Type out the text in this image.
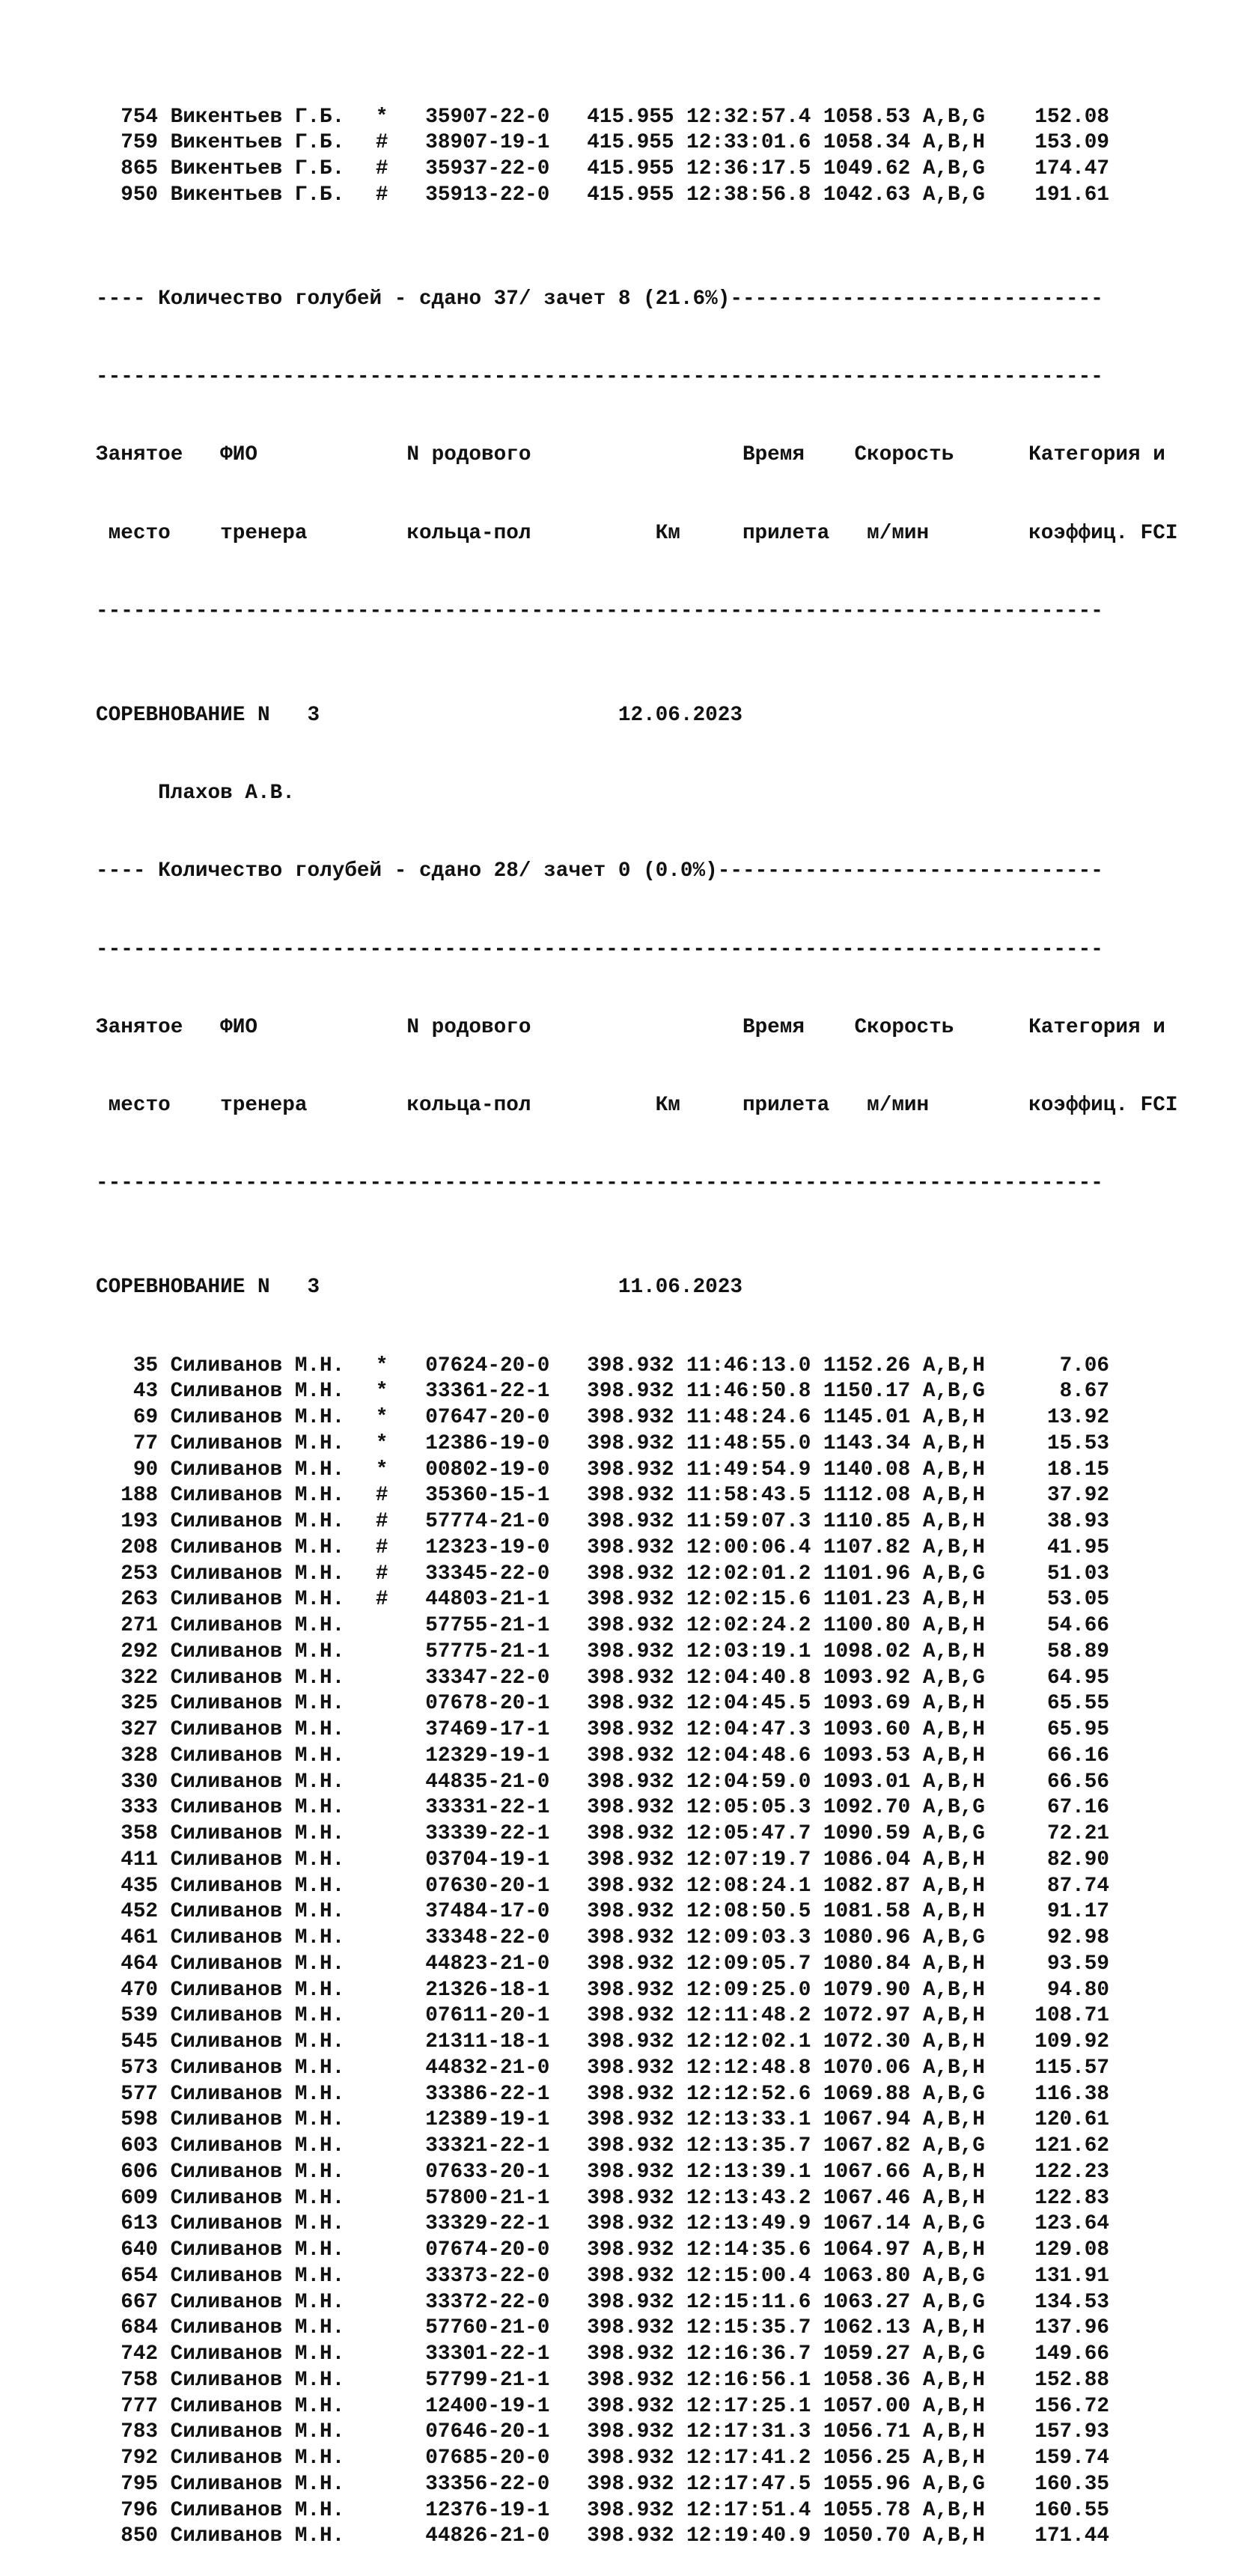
754 Викентьев Г.Б. * 35907-22-0 415.955 12:32:57.4 1058.53 A,B,G 152.08
759 Викентьев Г.Б. # 38907-19-1 415.955 12:33:01.6 1058.34 A,B,H 153.09
865 Викентьев Г.Б. # 35937-22-0 415.955 12:36:17.5 1049.62 A,B,G 174.47
950 Викентьев Г.Б. # 35913-22-0 415.955 12:38:56.8 1042.63 A,B,G 191.61

---- Количество голубей - сдано 37/ зачет 8 (21.6%)------------------------------

---------------------------------------------------------------------------------

Занятое ФИО	N родового	Время Скорость	Категория и

место тренера	кольца-пол	Км	прилета м/мин	коэффиц. FCI

---------------------------------------------------------------------------------

СОРЕВНОВАНИЕ N   3	12.06.2023

Плахов А.В.

---- Количество голубей - сдано 28/ зачет 0 (0.0%)-------------------------------

---------------------------------------------------------------------------------

Занятое ФИО	N родового	Время Скорость	Категория и

место тренера	кольца-пол	Км	прилета м/мин	коэффиц. FCI

---------------------------------------------------------------------------------

СОРЕВНОВАНИЕ N   3	11.06.2023

35 Силиванов М.Н. * 07624-20-0 398.932 11:46:13.0 1152.26 A,B,H	7.06
43 Силиванов М.Н. * 33361-22-1 398.932 11:46:50.8 1150.17 A,B,G	8.67
69 Силиванов М.Н. * 07647-20-0 398.932 11:48:24.6 1145.01 A,B,H	13.92
77 Силиванов М.Н. * 12386-19-0 398.932 11:48:55.0 1143.34 A,B,H	15.53
90 Силиванов М.Н. * 00802-19-0 398.932 11:49:54.9 1140.08 A,B,H	18.15
188 Силиванов М.Н. # 35360-15-1 398.932 11:58:43.5 1112.08 A,B,H	37.92
193 Силиванов М.Н. # 57774-21-0 398.932 11:59:07.3 1110.85 A,B,H	38.93
208 Силиванов М.Н. # 12323-19-0 398.932 12:00:06.4 1107.82 A,B,H	41.95
253 Силиванов М.Н. # 33345-22-0 398.932 12:02:01.2 1101.96 A,B,G	51.03
263 Силиванов М.Н. # 44803-21-1 398.932 12:02:15.6 1101.23 A,B,H	53.05
271 Силиванов М.Н.	57755-21-1 398.932 12:02:24.2 1100.80 A,B,H	54.66
292 Силиванов М.Н.	57775-21-1 398.932 12:03:19.1 1098.02 A,B,H	58.89
322 Силиванов М.Н.	33347-22-0 398.932 12:04:40.8 1093.92 A,B,G	64.95
325 Силиванов М.Н.	07678-20-1 398.932 12:04:45.5 1093.69 A,B,H	65.55
327 Силиванов М.Н.	37469-17-1 398.932 12:04:47.3 1093.60 A,B,H	65.95
328 Силиванов М.Н.	12329-19-1 398.932 12:04:48.6 1093.53 A,B,H	66.16
330 Силиванов М.Н.	44835-21-0 398.932 12:04:59.0 1093.01 A,B,H	66.56
333 Силиванов М.Н.	33331-22-1 398.932 12:05:05.3 1092.70 A,B,G	67.16
358 Силиванов М.Н.	33339-22-1 398.932 12:05:47.7 1090.59 A,B,G	72.21
411 Силиванов М.Н.	03704-19-1 398.932 12:07:19.7 1086.04 A,B,H	82.90
435 Силиванов М.Н.	07630-20-1 398.932 12:08:24.1 1082.87 A,B,H	87.74
452 Силиванов М.Н.	37484-17-0 398.932 12:08:50.5 1081.58 A,B,H	91.17
461 Силиванов М.Н.	33348-22-0 398.932 12:09:03.3 1080.96 A,B,G	92.98
464 Силиванов М.Н.	44823-21-0 398.932 12:09:05.7 1080.84 A,B,H	93.59
470 Силиванов М.Н.	21326-18-1 398.932 12:09:25.0 1079.90 A,B,H	94.80
539 Силиванов М.Н.	07611-20-1 398.932 12:11:48.2 1072.97 A,B,H 108.71
545 Силиванов М.Н.	21311-18-1 398.932 12:12:02.1 1072.30 A,B,H 109.92
573 Силиванов М.Н.	44832-21-0 398.932 12:12:48.8 1070.06 A,B,H 115.57
577 Силиванов М.Н.	33386-22-1 398.932 12:12:52.6 1069.88 A,B,G 116.38
598 Силиванов М.Н.	12389-19-1 398.932 12:13:33.1 1067.94 A,B,H 120.61
603 Силиванов М.Н.	33321-22-1 398.932 12:13:35.7 1067.82 A,B,G 121.62
606 Силиванов М.Н.	07633-20-1 398.932 12:13:39.1 1067.66 A,B,H 122.23
609 Силиванов М.Н.	57800-21-1 398.932 12:13:43.2 1067.46 A,B,H 122.83
613 Силиванов М.Н.	33329-22-1 398.932 12:13:49.9 1067.14 A,B,G 123.64
640 Силиванов М.Н.	07674-20-0 398.932 12:14:35.6 1064.97 A,B,H 129.08
654 Силиванов М.Н.	33373-22-0 398.932 12:15:00.4 1063.80 A,B,G 131.91
667 Силиванов М.Н.	33372-22-0 398.932 12:15:11.6 1063.27 A,B,G 134.53
684 Силиванов М.Н.	57760-21-0 398.932 12:15:35.7 1062.13 A,B,H 137.96
742 Силиванов М.Н.	33301-22-1 398.932 12:16:36.7 1059.27 A,B,G 149.66
758 Силиванов М.Н.	57799-21-1 398.932 12:16:56.1 1058.36 A,B,H 152.88
777 Силиванов М.Н.	12400-19-1 398.932 12:17:25.1 1057.00 A,B,H 156.72
783 Силиванов М.Н.	07646-20-1 398.932 12:17:31.3 1056.71 A,B,H 157.93
792 Силиванов М.Н.	07685-20-0 398.932 12:17:41.2 1056.25 A,B,H 159.74
795 Силиванов М.Н.	33356-22-0 398.932 12:17:47.5 1055.96 A,B,G 160.35
796 Силиванов М.Н.	12376-19-1 398.932 12:17:51.4 1055.78 A,B,H 160.55
850 Силиванов М.Н.	44826-21-0 398.932 12:19:40.9 1050.70 A,B,H 171.44
